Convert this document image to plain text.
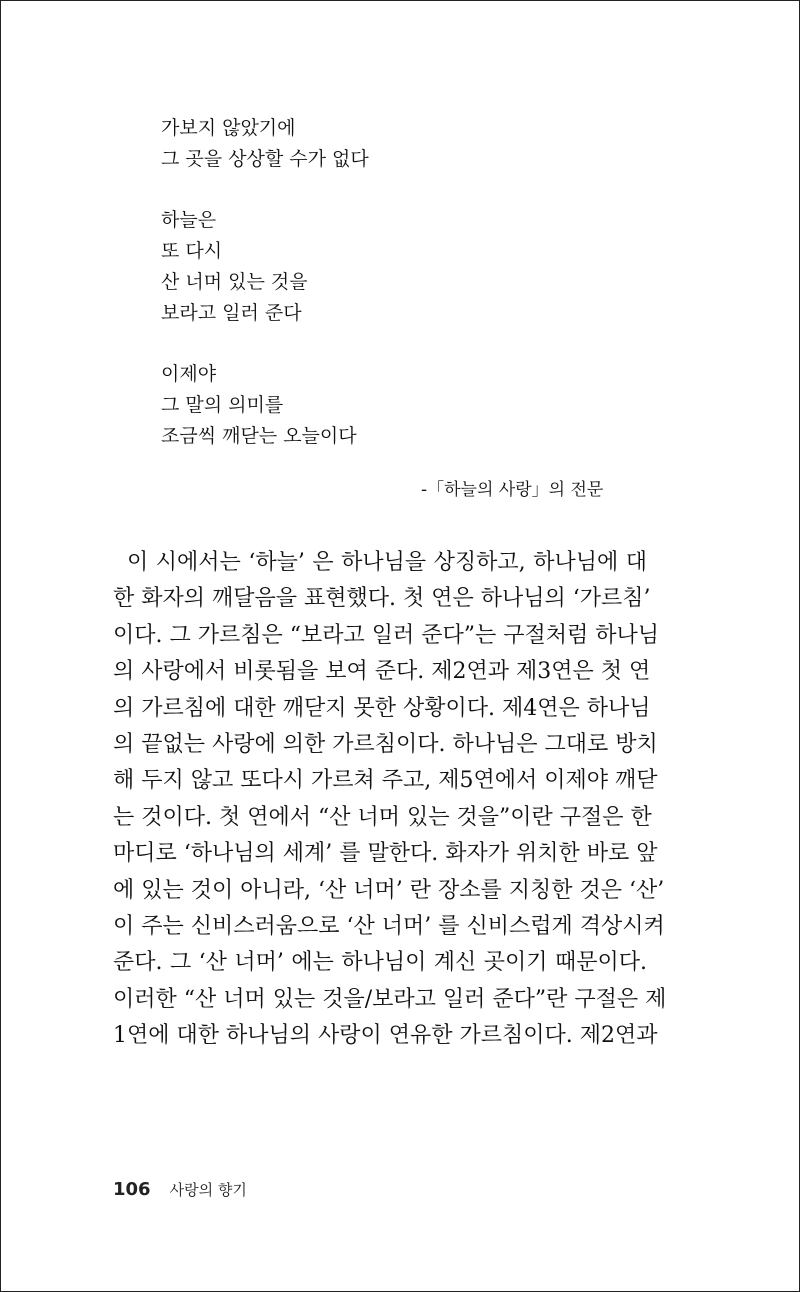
가보지 않았기에
그 곳을 상상할 수가 없다
하늘은
또 다시
산 너머 있는 것을
보라고 일러 준다
이제야
그 말의 의미를
조금씩 깨닫는 오늘이다
-「하늘의 사랑」의 전문
이 시에서는 ‘하늘’ 은 하나님을 상징하고, 하나님에 대
한 화자의 깨달음을 표현했다. 첫 연은 하나님의 ‘가르침’
이다. 그 가르침은 “보라고 일러 준다”는 구절처럼 하나님
의 사랑에서 비롯됨을 보여 준다. 제2연과 제3연은 첫 연
의 가르침에 대한 깨닫지 못한 상황이다. 제4연은 하나님
의 끝없는 사랑에 의한 가르침이다. 하나님은 그대로 방치
해 두지 않고 또다시 가르쳐 주고, 제5연에서 이제야 깨닫
는 것이다. 첫 연에서 “산 너머 있는 것을”이란 구절은 한
마디로 ‘하나님의 세계’ 를 말한다. 화자가 위치한 바로 앞
에 있는 것이 아니라, ‘산 너머’ 란 장소를 지칭한 것은 ‘산’
이 주는 신비스러움으로 ‘산 너머’ 를 신비스럽게 격상시켜
준다. 그 ‘산 너머’ 에는 하나님이 계신 곳이기 때문이다.
이러한 “산 너머 있는 것을/보라고 일러 준다”란 구절은 제
1연에 대한 하나님의 사랑이 연유한 가르침이다. 제2연과
106 사랑의 향기
